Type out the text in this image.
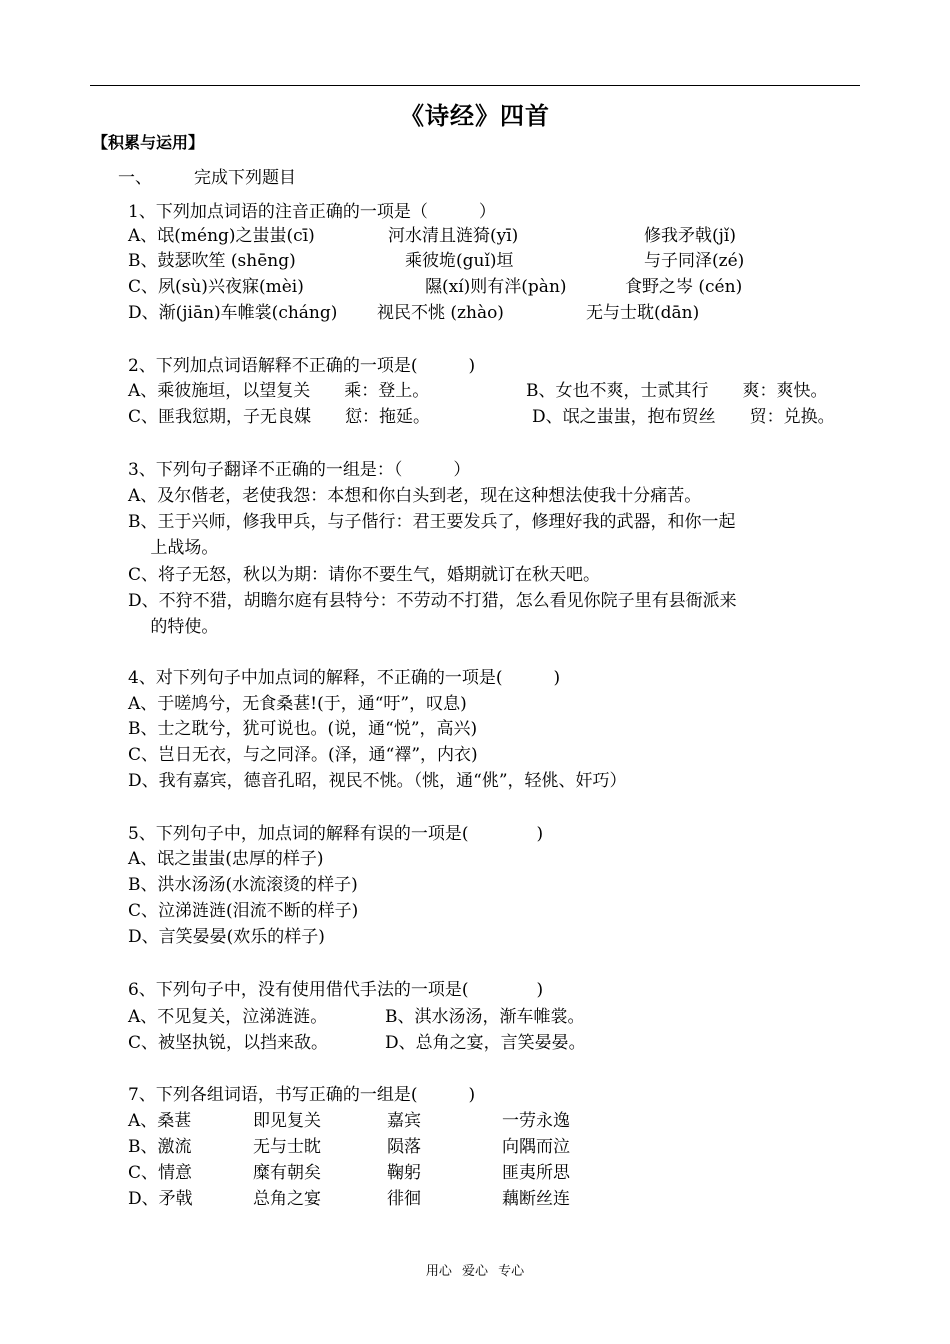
《诗经》四首
【积累与运用】
一、 完成下列题目
1、下列加点词语的注音正确的一项是（　　　）
A、氓(méng)之蚩蚩(cī)	河水清且涟猗(yī)	修我矛戟(jǐ)
B、鼓瑟吹笙 (shēng)	乘彼垝(guǐ)垣	与子同泽(zé)
C、夙(sù)兴夜寐(mèi)	隰(xí)则有泮(pàn)	食野之岑 (cén)
D、渐(jiān)车帷裳(cháng) 视民不恌 (zhào)	无与士耽(dān)
2、下列加点词语解释不正确的一项是(　　　)
A、乘彼施垣，以望复关　　乘：登上。	B、女也不爽，士贰其行　　爽：爽快。
C、匪我愆期，子无良媒　　愆：拖延。	D、氓之蚩蚩，抱布贸丝　　贸：兑换。
3、下列句子翻译不正确的一组是：（　　　）
A、及尔偕老，老使我怨：本想和你白头到老，现在这种想法使我十分痛苦。
B、王于兴师，修我甲兵，与子偕行：君王要发兵了，修理好我的武器，和你一起
　 上战场。
C、将子无怒，秋以为期：请你不要生气，婚期就订在秋天吧。
D、不狩不猎，胡瞻尔庭有县特兮：不劳动不打猎，怎么看见你院子里有县衙派来
　 的特使。
4、对下列句子中加点词的解释，不正确的一项是(　　　)
A、于嗟鸠兮，无食桑葚!(于，通“吁”，叹息)
B、士之耽兮，犹可说也。(说，通“悦”，高兴)
C、岂日无衣，与之同泽。(泽，通“襗”，内衣)
D、我有嘉宾，德音孔昭，视民不恌。（恌，通“佻”，轻佻、奸巧）
5、下列句子中，加点词的解释有误的一项是(　　　　)
A、氓之蚩蚩(忠厚的样子)
B、洪水汤汤(水流滚烫的样子)
C、泣涕涟涟(泪流不断的样子)
D、言笑晏晏(欢乐的样子)
6、下列句子中，没有使用借代手法的一项是(　　　　)
A、不见复关，泣涕涟涟。	B、淇水汤汤，渐车帷裳。
C、被坚执锐，以挡来敌。	D、总角之宴，言笑晏晏。
7、下列各组词语，书写正确的一组是(　　　)
A、桑葚	即见复关	嘉宾	一劳永逸
B、激流	无与士眈	陨落	向隅而泣
C、情意	糜有朝矣	鞠躬	匪夷所思
D、矛戟	总角之宴	徘徊	藕断丝连
用心 爱心 专心
